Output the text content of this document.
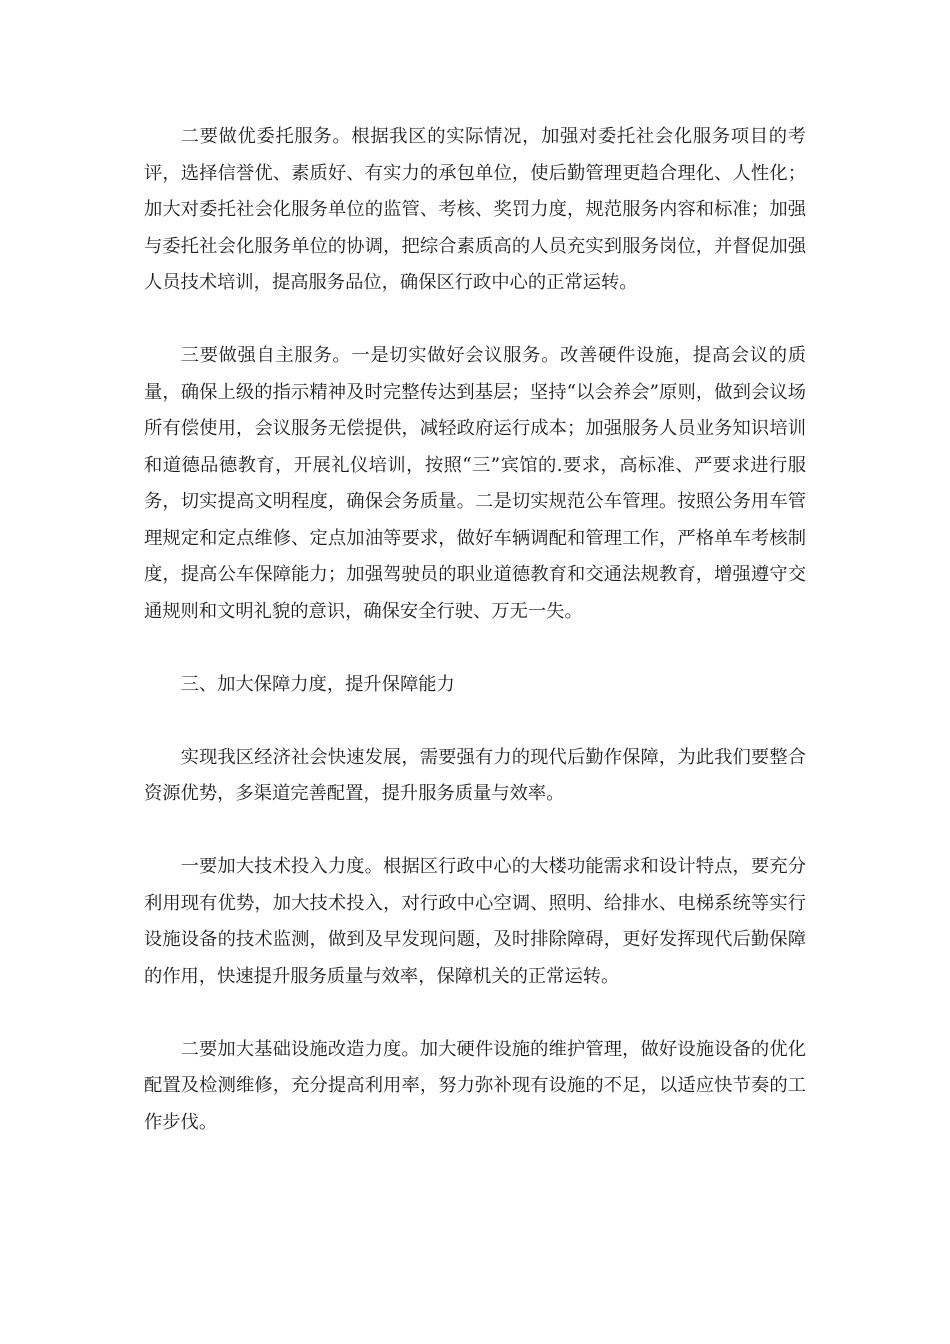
二要做优委托服务。根据我区的实际情况，加强对委托社会化服务项目的考评，选择信誉优、素质好、有实力的承包单位，使后勤管理更趋合理化、人性化；加大对委托社会化服务单位的监管、考核、奖罚力度，规范服务内容和标准；加强与委托社会化服务单位的协调，把综合素质高的人员充实到服务岗位，并督促加强人员技术培训，提高服务品位，确保区行政中心的正常运转。

三要做强自主服务。一是切实做好会议服务。改善硬件设施，提高会议的质量，确保上级的指示精神及时完整传达到基层；坚持“以会养会”原则，做到会议场所有偿使用，会议服务无偿提供，减轻政府运行成本；加强服务人员业务知识培训和道德品德教育，开展礼仪培训，按照“三”宾馆的.要求，高标准、严要求进行服务，切实提高文明程度，确保会务质量。二是切实规范公车管理。按照公务用车管理规定和定点维修、定点加油等要求，做好车辆调配和管理工作，严格单车考核制度，提高公车保障能力；加强驾驶员的职业道德教育和交通法规教育，增强遵守交通规则和文明礼貌的意识，确保安全行驶、万无一失。

三、加大保障力度，提升保障能力

实现我区经济社会快速发展，需要强有力的现代后勤作保障，为此我们要整合资源优势，多渠道完善配置，提升服务质量与效率。

一要加大技术投入力度。根据区行政中心的大楼功能需求和设计特点，要充分利用现有优势，加大技术投入，对行政中心空调、照明、给排水、电梯系统等实行设施设备的技术监测，做到及早发现问题，及时排除障碍，更好发挥现代后勤保障的作用，快速提升服务质量与效率，保障机关的正常运转。

二要加大基础设施改造力度。加大硬件设施的维护管理，做好设施设备的优化配置及检测维修，充分提高利用率，努力弥补现有设施的不足，以适应快节奏的工作步伐。
